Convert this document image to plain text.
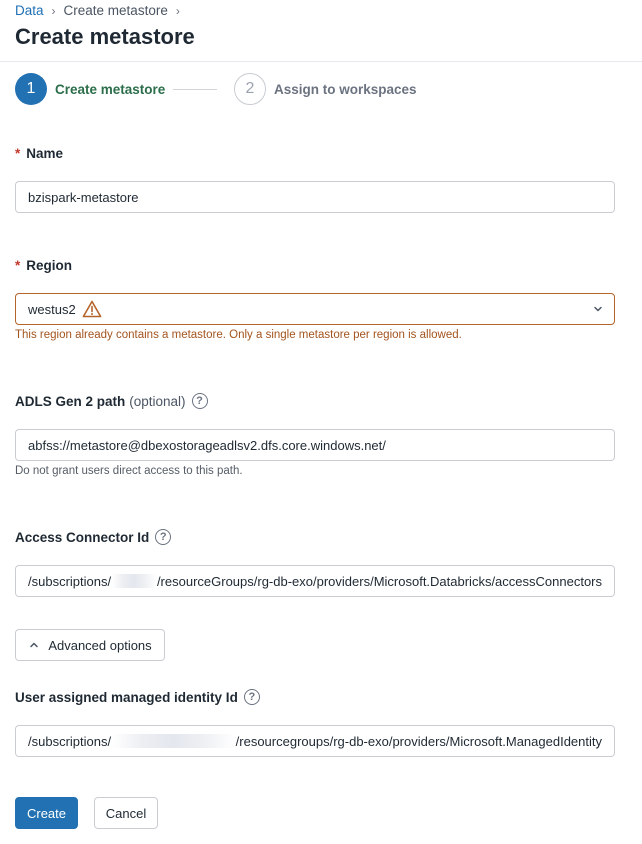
Data › Create metastore ›
Create metastore
1	Create metastore	2	Assign to workspaces
* Name
bzispark-metastore
* Region
westus2
This region already contains a metastore. Only a single metastore per region is allowed.
ADLS Gen 2 path (optional) ?
abfss://metastore@dbexostorageadlsv2.dfs.core.windows.net/
Do not grant users direct access to this path.
Access Connector Id ?
/subscriptions/	/resourceGroups/rg-db-exo/providers/Microsoft.Databricks/accessConnectors
Advanced options
User assigned managed identity Id ?
/subscriptions/	/resourcegroups/rg-db-exo/providers/Microsoft.ManagedIdentity
Create	Cancel
